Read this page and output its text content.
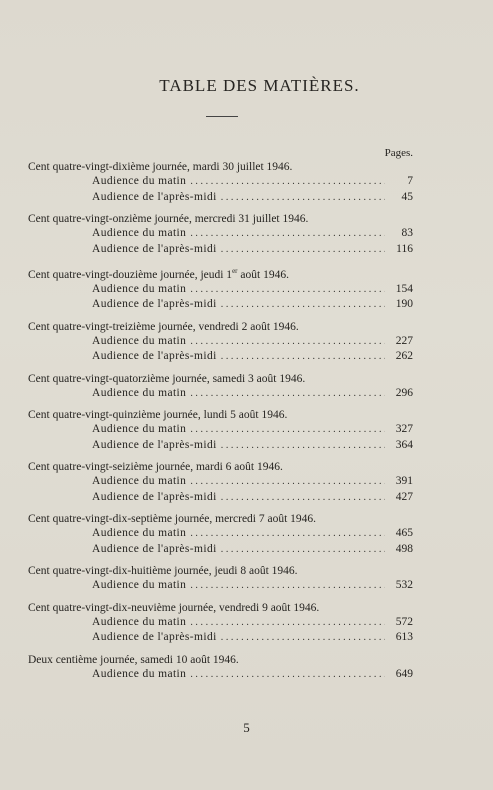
TABLE DES MATIÈRES.
Pages.
Cent quatre-vingt-dixième journée, mardi 30 juillet 1946.
Audience du matin .....	7
Audience de l'après-midi .....	45
Cent quatre-vingt-onzième journée, mercredi 31 juillet 1946.
Audience du matin .....	83
Audience de l'après-midi .....	116
Cent quatre-vingt-douzième journée, jeudi 1er août 1946.
Audience du matin .....	154
Audience de l'après-midi .....	190
Cent quatre-vingt-treizième journée, vendredi 2 août 1946.
Audience du matin .....	227
Audience de l'après-midi .....	262
Cent quatre-vingt-quatorzième journée, samedi 3 août 1946.
Audience du matin .....	296
Cent quatre-vingt-quinzième journée, lundi 5 août 1946.
Audience du matin .....	327
Audience de l'après-midi .....	364
Cent quatre-vingt-seizième journée, mardi 6 août 1946.
Audience du matin .....	391
Audience de l'après-midi .....	427
Cent quatre-vingt-dix-septième journée, mercredi 7 août 1946.
Audience du matin .....	465
Audience de l'après-midi .....	498
Cent quatre-vingt-dix-huitième journée, jeudi 8 août 1946.
Audience du matin .....	532
Cent quatre-vingt-dix-neuvième journée, vendredi 9 août 1946.
Audience du matin .....	572
Audience de l'après-midi .....	613
Deux centième journée, samedi 10 août 1946.
Audience du matin .....	649
5
